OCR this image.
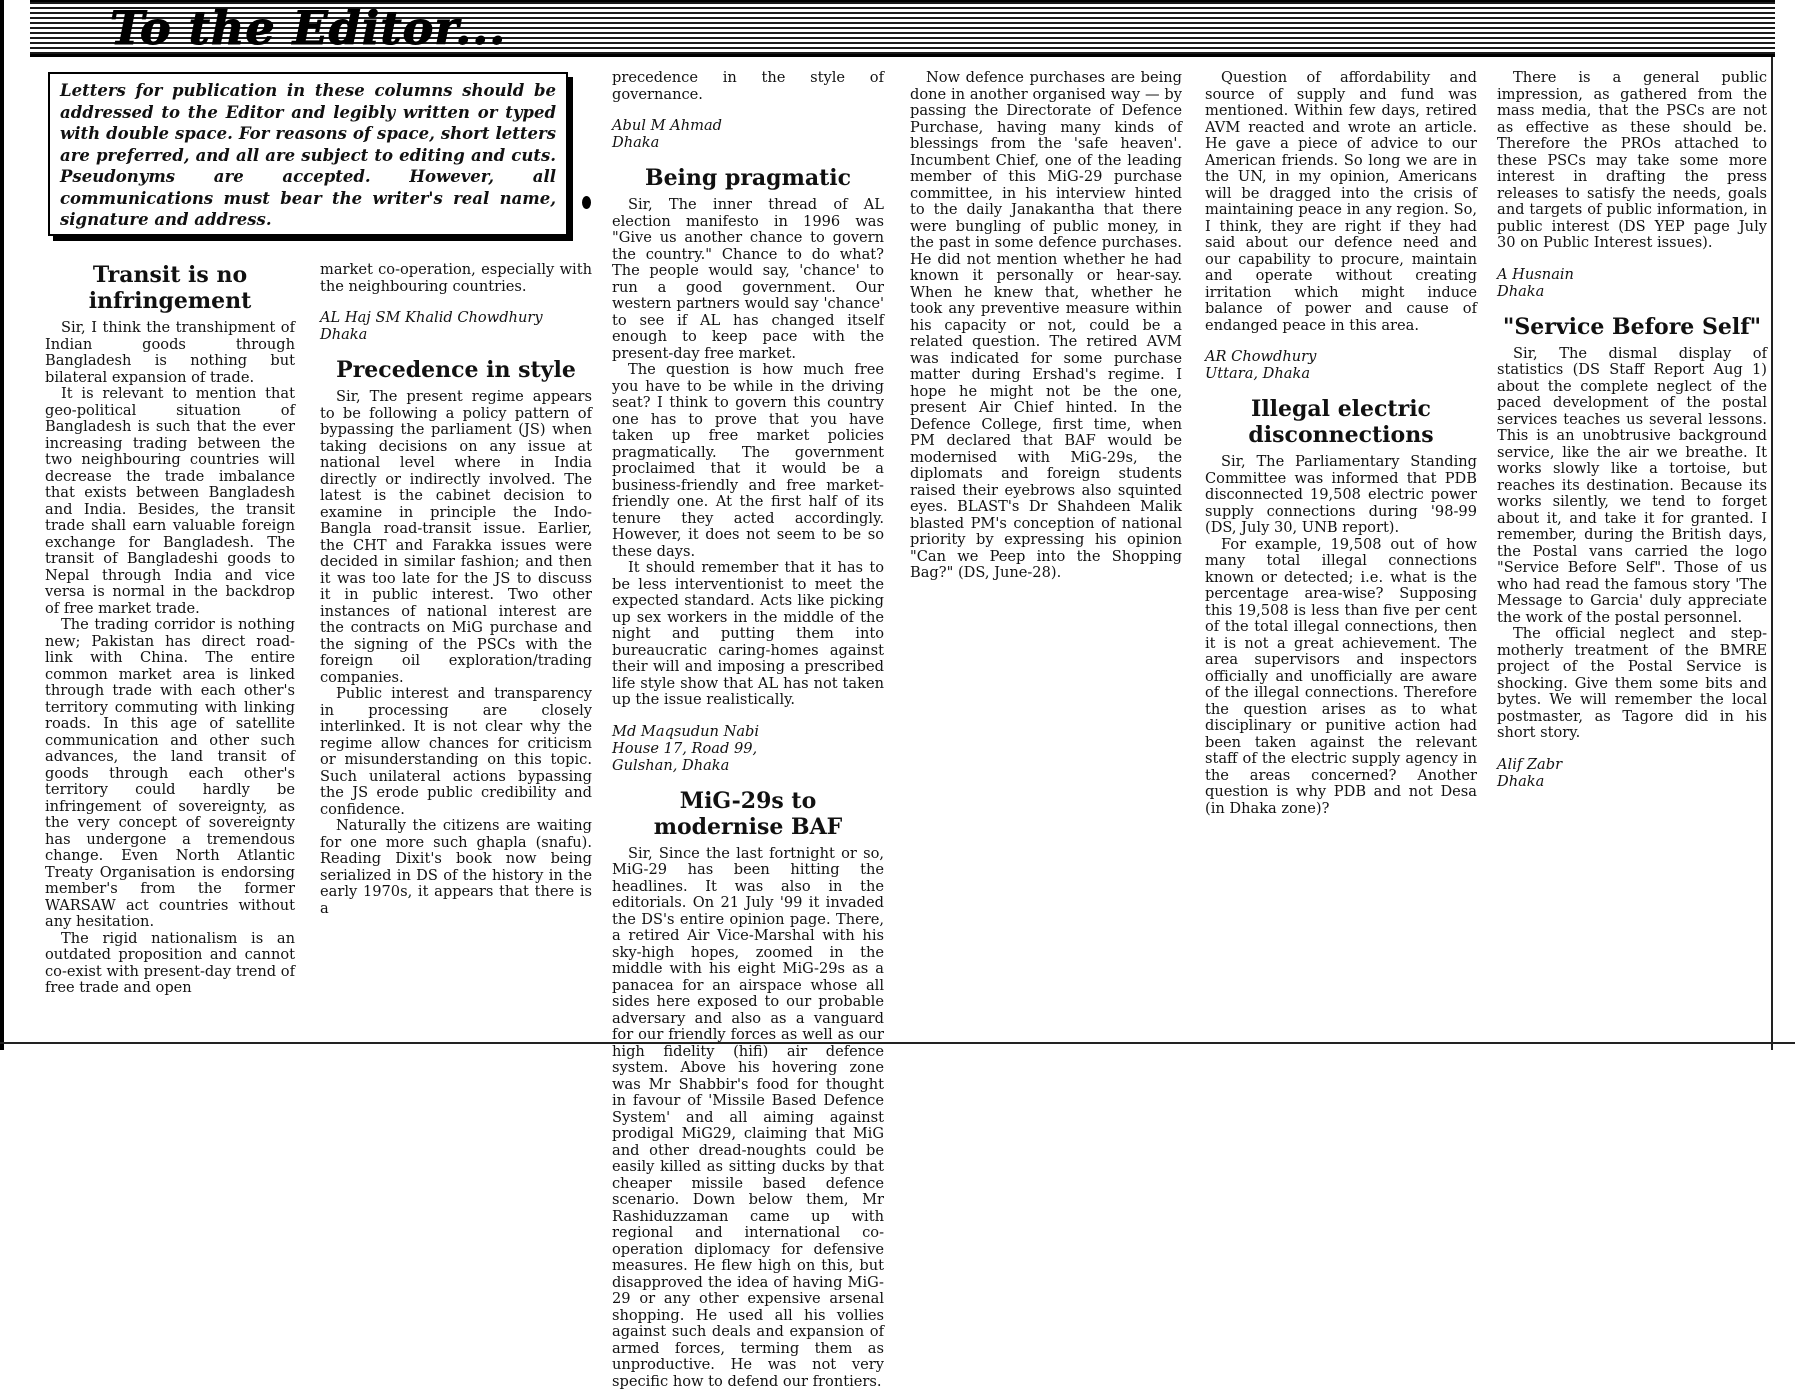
To the Editor...
Letters for publication in these columns should be addressed to the Editor and legibly written or typed with double space. For reasons of space, short letters are preferred, and all are subject to editing and cuts. Pseudonyms are accepted. However, all communications must bear the writer's real name, signature and address.
Transit is no infringement

Sir, I think the transhipment of Indian goods through Bangladesh is nothing but bilateral expansion of trade.

It is relevant to mention that geo-political situation of Bangladesh is such that the ever increasing trading between the two neighbouring countries will decrease the trade imbalance that exists between Bangladesh and India. Besides, the transit trade shall earn valuable foreign exchange for Bangladesh. The transit of Bangladeshi goods to Nepal through India and vice versa is normal in the backdrop of free market trade.

The trading corridor is nothing new; Pakistan has direct road-link with China. The entire common market area is linked through trade with each other's territory commuting with linking roads. In this age of satellite communication and other such advances, the land transit of goods through each other's territory could hardly be infringement of sovereignty, as the very concept of sovereignty has undergone a tremendous change. Even North Atlantic Treaty Organisation is endorsing member's from the former WARSAW act countries without any hesitation.

The rigid nationalism is an outdated proposition and cannot co-exist with present-day trend of free trade and open

market co-operation, especially with the neighbouring countries.

AL Haj SM Khalid Chowdhury
Dhaka
Precedence in style

Sir, The present regime appears to be following a policy pattern of bypassing the parliament (JS) when taking decisions on any issue at national level where in India directly or indirectly involved. The latest is the cabinet decision to examine in principle the Indo-Bangla road-transit issue. Earlier, the CHT and Farakka issues were decided in similar fashion; and then it was too late for the JS to discuss it in public interest. Two other instances of national interest are the contracts on MiG purchase and the signing of the PSCs with the foreign oil exploration/trading companies.

Public interest and transparency in processing are closely interlinked. It is not clear why the regime allow chances for criticism or misunderstanding on this topic. Such unilateral actions bypassing the JS erode public credibility and confidence.

Naturally the citizens are waiting for one more such ghapla (snafu). Reading Dixit's book now being serialized in DS of the history in the early 1970s, it appears that there is a

precedence in the style of governance.

Abul M Ahmad
Dhaka
Being pragmatic

Sir, The inner thread of AL election manifesto in 1996 was "Give us another chance to govern the country." Chance to do what? The people would say, 'chance' to run a good government. Our western partners would say 'chance' to see if AL has changed itself enough to keep pace with the present-day free market.

The question is how much free you have to be while in the driving seat? I think to govern this country one has to prove that you have taken up free market policies pragmatically. The government proclaimed that it would be a business-friendly and free market-friendly one. At the first half of its tenure they acted accordingly. However, it does not seem to be so these days.

It should remember that it has to be less interventionist to meet the expected standard. Acts like picking up sex workers in the middle of the night and putting them into bureaucratic caring-homes against their will and imposing a prescribed life style show that AL has not taken up the issue realistically.

Md Maqsudun Nabi
House 17, Road 99,
Gulshan, Dhaka
MiG-29s to modernise BAF

Sir, Since the last fortnight or so, MiG-29 has been hitting the headlines. It was also in the editorials. On 21 July '99 it invaded the DS's entire opinion page. There, a retired Air Vice-Marshal with his sky-high hopes, zoomed in the middle with his eight MiG-29s as a panacea for an airspace whose all sides here exposed to our probable adversary and also as a vanguard for our friendly forces as well as our high fidelity (hifi) air defence system. Above his hovering zone was Mr Shabbir's food for thought in favour of 'Missile Based Defence System' and all aiming against prodigal MiG29, claiming that MiG and other dread-noughts could be easily killed as sitting ducks by that cheaper missile based defence scenario. Down below them, Mr Rashiduzzaman came up with regional and international co-operation diplomacy for defensive measures. He flew high on this, but disapproved the idea of having MiG-29 or any other expensive arsenal shopping. He used all his vollies against such deals and expansion of armed forces, terming them as unproductive. He was not very specific how to defend our frontiers.

Now defence purchases are being done in another organised way — by passing the Directorate of Defence Purchase, having many kinds of blessings from the 'safe heaven'. Incumbent Chief, one of the leading member of this MiG-29 purchase committee, in his interview hinted to the daily Janakantha that there were bungling of public money, in the past in some defence purchases. He did not mention whether he had known it personally or hear-say. When he knew that, whether he took any preventive measure within his capacity or not, could be a related question. The retired AVM was indicated for some purchase matter during Ershad's regime. I hope he might not be the one, present Air Chief hinted. In the Defence College, first time, when PM declared that BAF would be modernised with MiG-29s, the diplomats and foreign students raised their eyebrows also squinted eyes. BLAST's Dr Shahdeen Malik blasted PM's conception of national priority by expressing his opinion "Can we Peep into the Shopping Bag?" (DS, June-28).

Question of affordability and source of supply and fund was mentioned. Within few days, retired AVM reacted and wrote an article. He gave a piece of advice to our American friends. So long we are in the UN, in my opinion, Americans will be dragged into the crisis of maintaining peace in any region. So, I think, they are right if they had said about our defence need and our capability to procure, maintain and operate without creating irritation which might induce balance of power and cause of endanged peace in this area.

AR Chowdhury
Uttara, Dhaka
Illegal electric disconnections

Sir, The Parliamentary Standing Committee was informed that PDB disconnected 19,508 electric power supply connections during '98-99 (DS, July 30, UNB report).

For example, 19,508 out of how many total illegal connections known or detected; i.e. what is the percentage area-wise? Supposing this 19,508 is less than five per cent of the total illegal connections, then it is not a great achievement. The area supervisors and inspectors officially and unofficially are aware of the illegal connections. Therefore the question arises as to what disciplinary or punitive action had been taken against the relevant staff of the electric supply agency in the areas concerned? Another question is why PDB and not Desa (in Dhaka zone)?

There is a general public impression, as gathered from the mass media, that the PSCs are not as effective as these should be. Therefore the PROs attached to these PSCs may take some more interest in drafting the press releases to satisfy the needs, goals and targets of public information, in public interest (DS YEP page July 30 on Public Interest issues).

A Husnain
Dhaka
"Service Before Self"

Sir, The dismal display of statistics (DS Staff Report Aug 1) about the complete neglect of the paced development of the postal services teaches us several lessons. This is an unobtrusive background service, like the air we breathe. It works slowly like a tortoise, but reaches its destination. Because its works silently, we tend to forget about it, and take it for granted. I remember, during the British days, the Postal vans carried the logo "Service Before Self". Those of us who had read the famous story 'The Message to Garcia' duly appreciate the work of the postal personnel.

The official neglect and step-motherly treatment of the BMRE project of the Postal Service is shocking. Give them some bits and bytes. We will remember the local postmaster, as Tagore did in his short story.

Alif Zabr
Dhaka
